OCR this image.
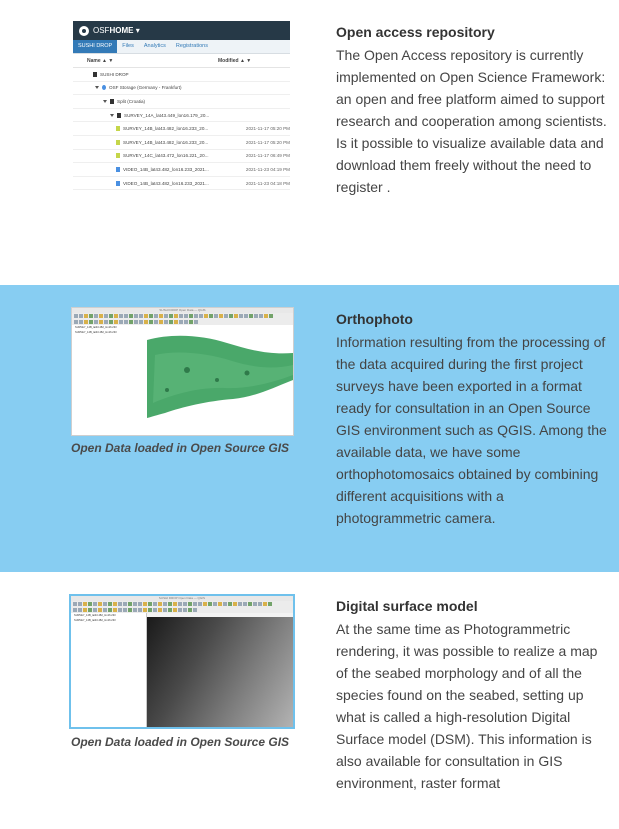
OSFHOME ▾
SUSHI DROP	Files	Analytics	Registrations
Name ▲ ▼	Modified ▲ ▼
SUSHI DROP
OSF Storage (Germany - Frankfurt)
Split (Croatia)
SURVEY_14A_lat43.449_lon16.179_20...
SURVEY_14B_lat43.482_lon16.233_20...	2021-11-17 05:20 PM
SURVEY_14B_lat43.482_lon16.233_20...	2021-11-17 05:20 PM
SURVEY_14C_lat43.472_lon16.221_20...	2021-11-17 06:49 PM
VIDEO_14B_lat43.482_lon16.233_2021...	2021-11-23 04:19 PM
VIDEO_14B_lat43.482_lon16.233_2021...	2021-11-23 04:18 PM
Open access repository

The Open Access repository is currently implemented on Open Science Framework: an open and free platform aimed to support research and cooperation among scientists. Is it possible to visualize available data and download them freely without the need to register .

SUSHI DROP Open Data — QGIS
SURVEY_14B_lat43.482_lon16.233
SURVEY_14B_lat43.482_lon16.233

Open Data loaded in Open Source GIS

Orthophoto

Information resulting from the processing of the data acquired during the first project surveys have been exported in a format ready for consultation in an Open Source GIS environment such as QGIS. Among the available data, we have some orthophotomosaics obtained by combining different acquisitions with a photogrammetric camera.

SUSHI DROP Open Data — QGIS
SURVEY_14B_lat43.482_lon16.233
SURVEY_14B_lat43.482_lon16.233

Open Data loaded in Open Source GIS

Digital surface model

At the same time as Photogrammetric rendering, it was possible to realize a map of the seabed morphology and of all the species found on the seabed, setting up what is called a high-resolution Digital Surface model (DSM). This information is also available for consultation in GIS environment, raster format
